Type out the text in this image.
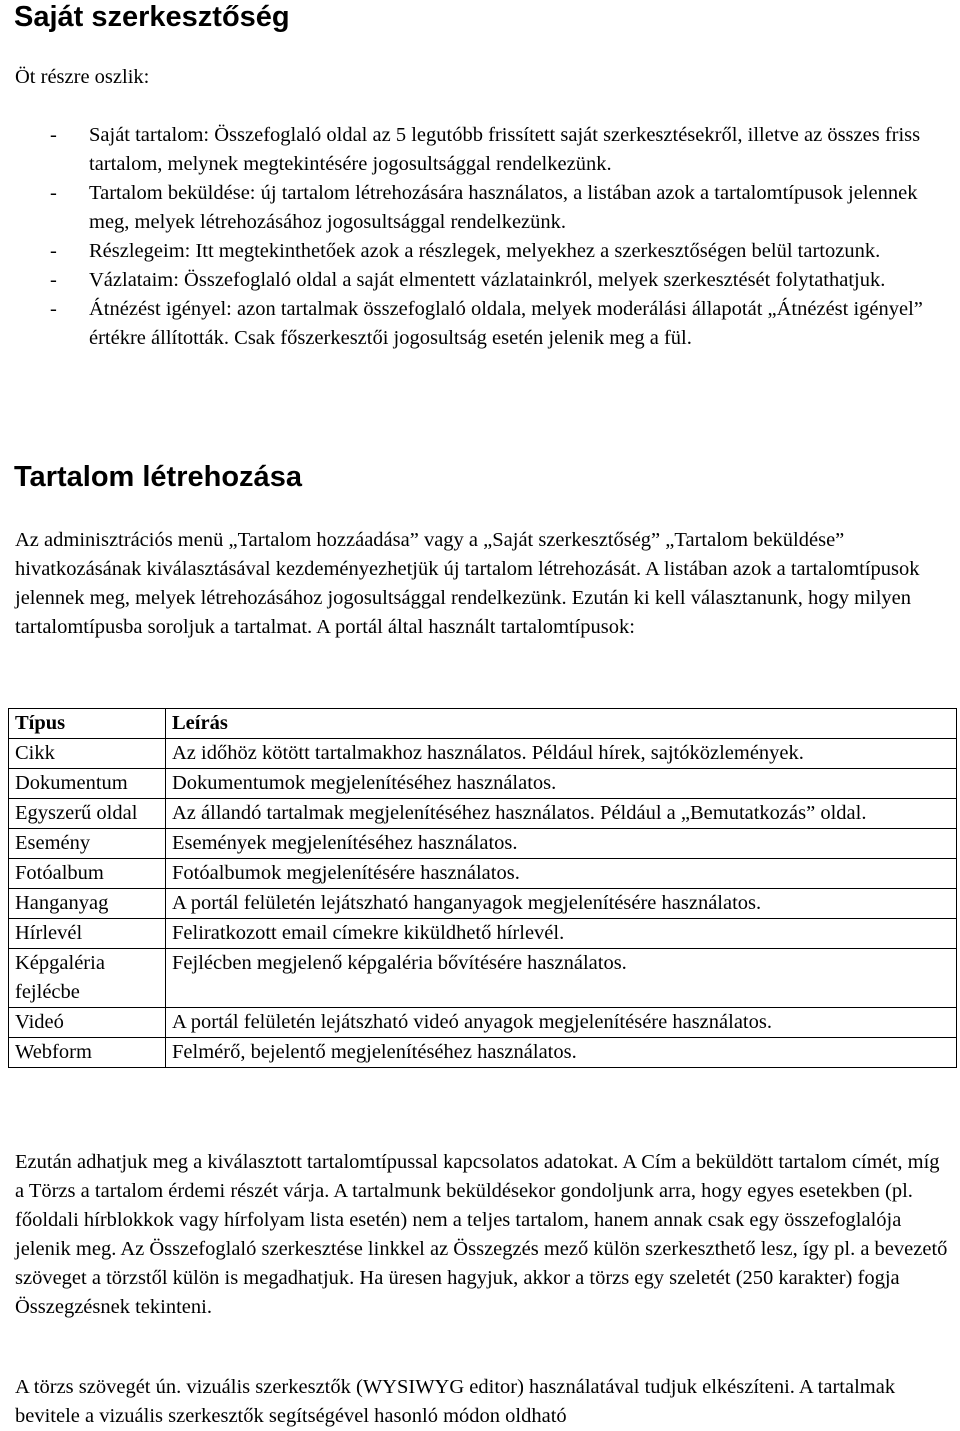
Saját szerkesztőség

Öt részre oszlik:

- Saját tartalom: Összefoglaló oldal az 5 legutóbb frissített saját szerkesztésekről, illetve az összes friss tartalom, melynek megtekintésére jogosultsággal rendelkezünk.
- Tartalom beküldése: új tartalom létrehozására használatos, a listában azok a tartalomtípusok jelennek meg, melyek létrehozásához jogosultsággal rendelkezünk.
- Részlegeim: Itt megtekinthetőek azok a részlegek, melyekhez a szerkesztőségen belül tartozunk.
- Vázlataim: Összefoglaló oldal a saját elmentett vázlatainkról, melyek szerkesztését folytathatjuk.
- Átnézést igényel: azon tartalmak összefoglaló oldala, melyek moderálási állapotát „Átnézést igényel” értékre állították. Csak főszerkesztői jogosultság esetén jelenik meg a fül.
Tartalom létrehozása

Az adminisztrációs menü „Tartalom hozzáadása” vagy a „Saját szerkesztőség” „Tartalom beküldése” hivatkozásának kiválasztásával kezdeményezhetjük új tartalom létrehozását. A listában azok a tartalomtípusok jelennek meg, melyek létrehozásához jogosultsággal rendelkezünk. Ezután ki kell választanunk, hogy milyen tartalomtípusba soroljuk a tartalmat. A portál által használt tartalomtípusok:

Típus	Leírás
Cikk	Az időhöz kötött tartalmakhoz használatos. Például hírek, sajtóközlemények.
Dokumentum	Dokumentumok megjelenítéséhez használatos.
Egyszerű oldal	Az állandó tartalmak megjelenítéséhez használatos. Például a „Bemutatkozás” oldal.
Esemény	Események megjelenítéséhez használatos.
Fotóalbum	Fotóalbumok megjelenítésére használatos.
Hanganyag	A portál felületén lejátszható hanganyagok megjelenítésére használatos.
Hírlevél	Feliratkozott email címekre kiküldhető hírlevél.
Képgaléria fejlécbe	Fejlécben megjelenő képgaléria bővítésére használatos.
Videó	A portál felületén lejátszható videó anyagok megjelenítésére használatos.
Webform	Felmérő, bejelentő megjelenítéséhez használatos.

Ezután adhatjuk meg a kiválasztott tartalomtípussal kapcsolatos adatokat. A Cím a beküldött tartalom címét, míg a Törzs a tartalom érdemi részét várja. A tartalmunk beküldésekor gondoljunk arra, hogy egyes esetekben (pl. főoldali hírblokkok vagy hírfolyam lista esetén) nem a teljes tartalom, hanem annak csak egy összefoglalója jelenik meg. Az Összefoglaló szerkesztése linkkel az Összegzés mező külön szerkeszthető lesz, így pl. a bevezető szöveget a törzstől külön is megadhatjuk. Ha üresen hagyjuk, akkor a törzs egy szeletét (250 karakter) fogja Összegzésnek tekinteni.

A törzs szövegét ún. vizuális szerkesztők (WYSIWYG editor) használatával tudjuk elkészíteni. A tartalmak bevitele a vizuális szerkesztők segítségével hasonló módon oldható
